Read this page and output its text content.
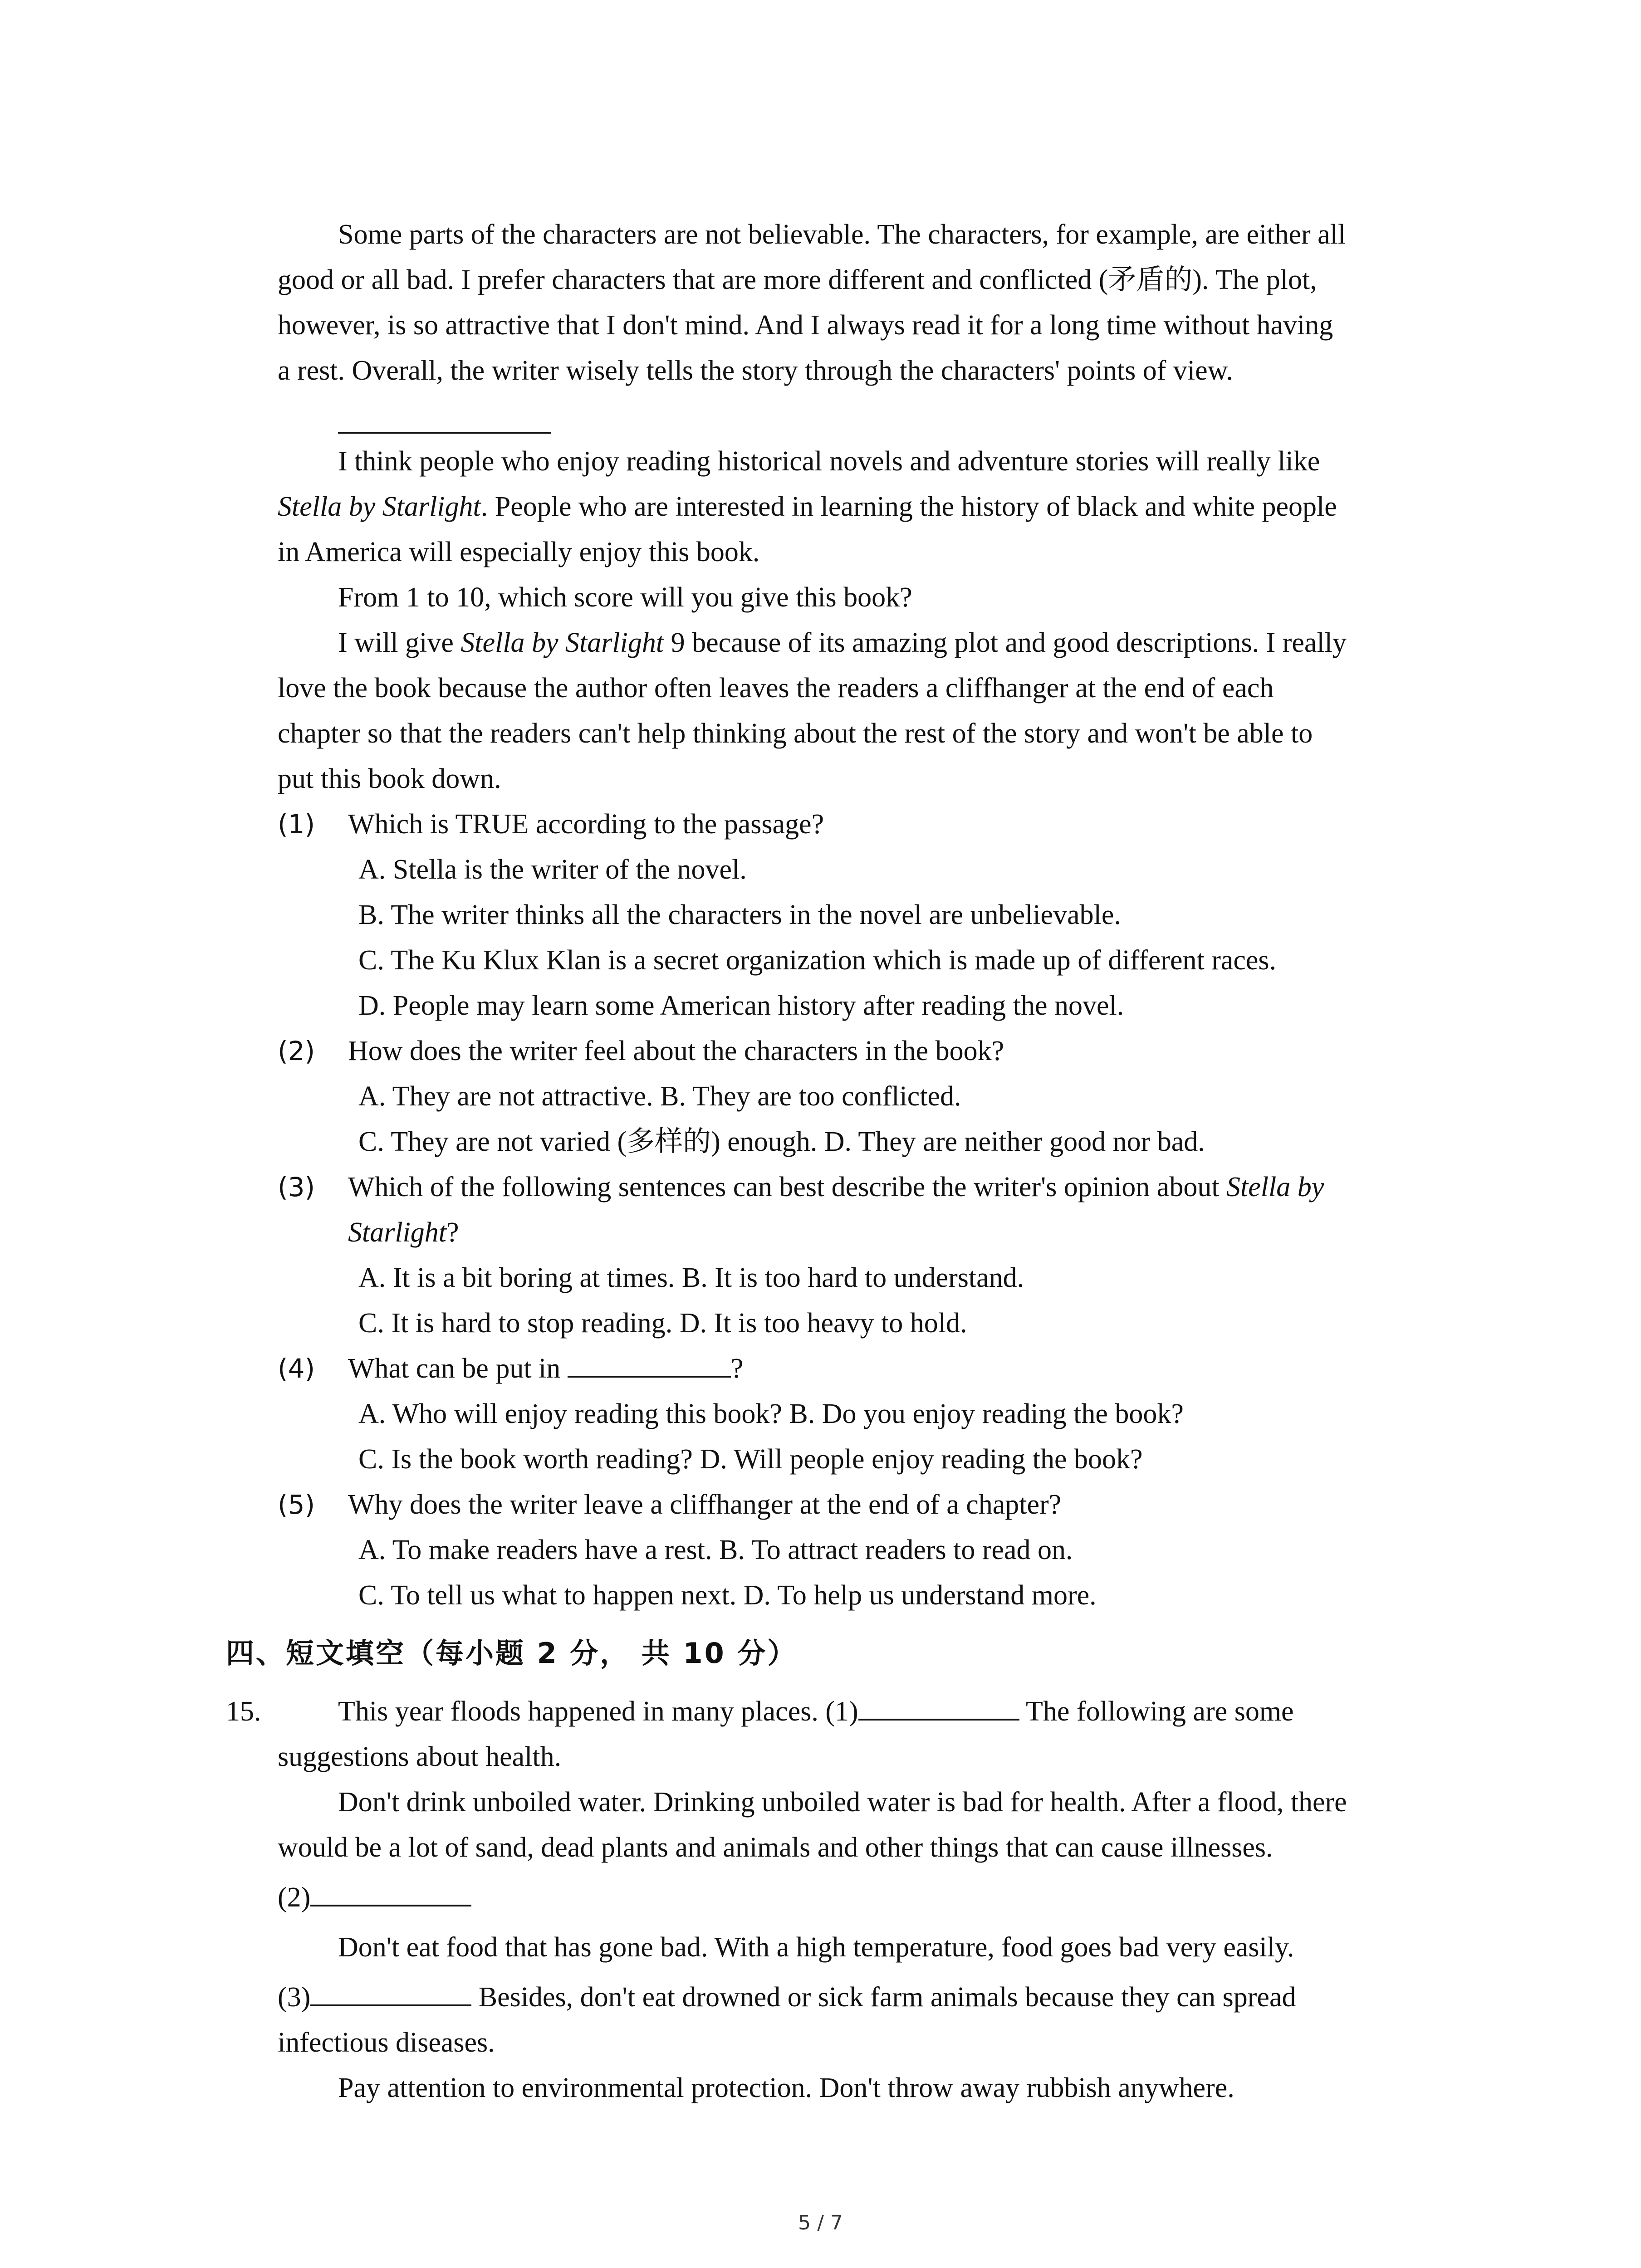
Some parts of the characters are not believable. The characters, for example, are either all
good or all bad. I prefer characters that are more different and conflicted (矛盾的). The plot,
however, is so attractive that I don't mind. And I always read it for a long time without having
a rest. Overall, the writer wisely tells the story through the characters' points of view.
I think people who enjoy reading historical novels and adventure stories will really like
Stella by Starlight. People who are interested in learning the history of black and white people
in America will especially enjoy this book.
From 1 to 10, which score will you give this book?
I will give Stella by Starlight 9 because of its amazing plot and good descriptions. I really
love the book because the author often leaves the readers a cliffhanger at the end of each
chapter so that the readers can't help thinking about the rest of the story and won't be able to
put this book down.
(1) Which is TRUE according to the passage?
A. Stella is the writer of the novel.
B. The writer thinks all the characters in the novel are unbelievable.
C. The Ku Klux Klan is a secret organization which is made up of different races.
D. People may learn some American history after reading the novel.
(2) How does the writer feel about the characters in the book?
A. They are not attractive. B. They are too conflicted.
C. They are not varied (多样的) enough. D. They are neither good nor bad.
(3) Which of the following sentences can best describe the writer's opinion about Stella by
Starlight?
A. It is a bit boring at times. B. It is too hard to understand.
C. It is hard to stop reading. D. It is too heavy to hold.
(4) What can be put in	?
A. Who will enjoy reading this book? B. Do you enjoy reading the book?
C. Is the book worth reading? D. Will people enjoy reading the book?
(5) Why does the writer leave a cliffhanger at the end of a chapter?
A. To make readers have a rest. B. To attract readers to read on.
C. To tell us what to happen next. D. To help us understand more.
四、短文填空（每小题 2 分， 共 10 分）
15.	This year floods happened in many places. (1)	The following are some
suggestions about health.
Don't drink unboiled water. Drinking unboiled water is bad for health. After a flood, there
would be a lot of sand, dead plants and animals and other things that can cause illnesses.
(2)
Don't eat food that has gone bad. With a high temperature, food goes bad very easily.
(3)	Besides, don't eat drowned or sick farm animals because they can spread
infectious diseases.
Pay attention to environmental protection. Don't throw away rubbish anywhere.
5 / 7
